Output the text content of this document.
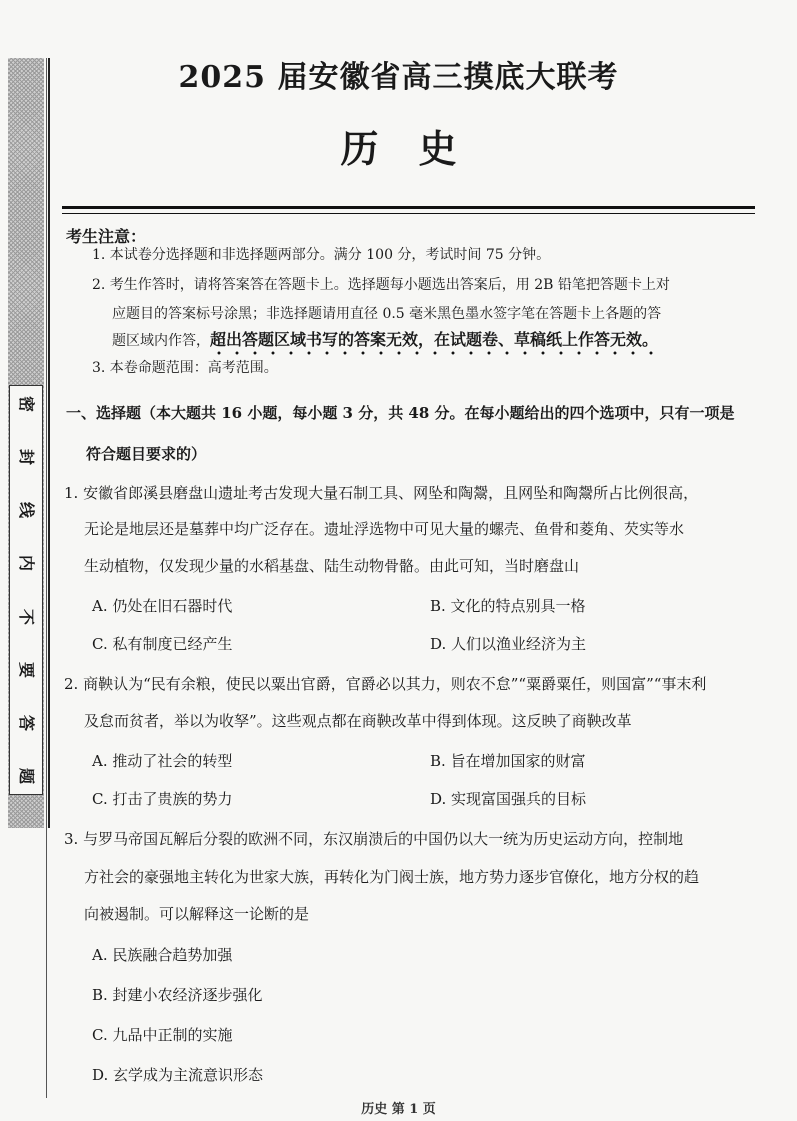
密
封
线
内
不
要
答
题
2025 届安徽省高三摸底大联考
历史
考生注意：
1. 本试卷分选择题和非选择题两部分。满分 100 分，考试时间 75 分钟。
2. 考生作答时，请将答案答在答题卡上。选择题每小题选出答案后，用 2B 铅笔把答题卡上对
应题目的答案标号涂黑；非选择题请用直径 0.5 毫米黑色墨水签字笔在答题卡上各题的答
题区域内作答，超出答题区域书写的答案无效，在试题卷、草稿纸上作答无效。
3. 本卷命题范围：高考范围。
一、选择题（本大题共 16 小题，每小题 3 分，共 48 分。在每小题给出的四个选项中，只有一项是
符合题目要求的）
1. 安徽省郎溪县磨盘山遗址考古发现大量石制工具、网坠和陶鬶，且网坠和陶鬶所占比例很高，
无论是地层还是墓葬中均广泛存在。遗址浮选物中可见大量的螺壳、鱼骨和菱角、芡实等水
生动植物，仅发现少量的水稻基盘、陆生动物骨骼。由此可知，当时磨盘山
A. 仍处在旧石器时代	B. 文化的特点别具一格
C. 私有制度已经产生	D. 人们以渔业经济为主
2. 商鞅认为“民有余粮，使民以粟出官爵，官爵必以其力，则农不怠”“粟爵粟任，则国富”“事末利
及怠而贫者，举以为收孥”。这些观点都在商鞅改革中得到体现。这反映了商鞅改革
A. 推动了社会的转型	B. 旨在增加国家的财富
C. 打击了贵族的势力	D. 实现富国强兵的目标
3. 与罗马帝国瓦解后分裂的欧洲不同，东汉崩溃后的中国仍以大一统为历史运动方向，控制地
方社会的豪强地主转化为世家大族，再转化为门阀士族，地方势力逐步官僚化，地方分权的趋
向被遏制。可以解释这一论断的是
A. 民族融合趋势加强
B. 封建小农经济逐步强化
C. 九品中正制的实施
D. 玄学成为主流意识形态
历史 第 1 页
